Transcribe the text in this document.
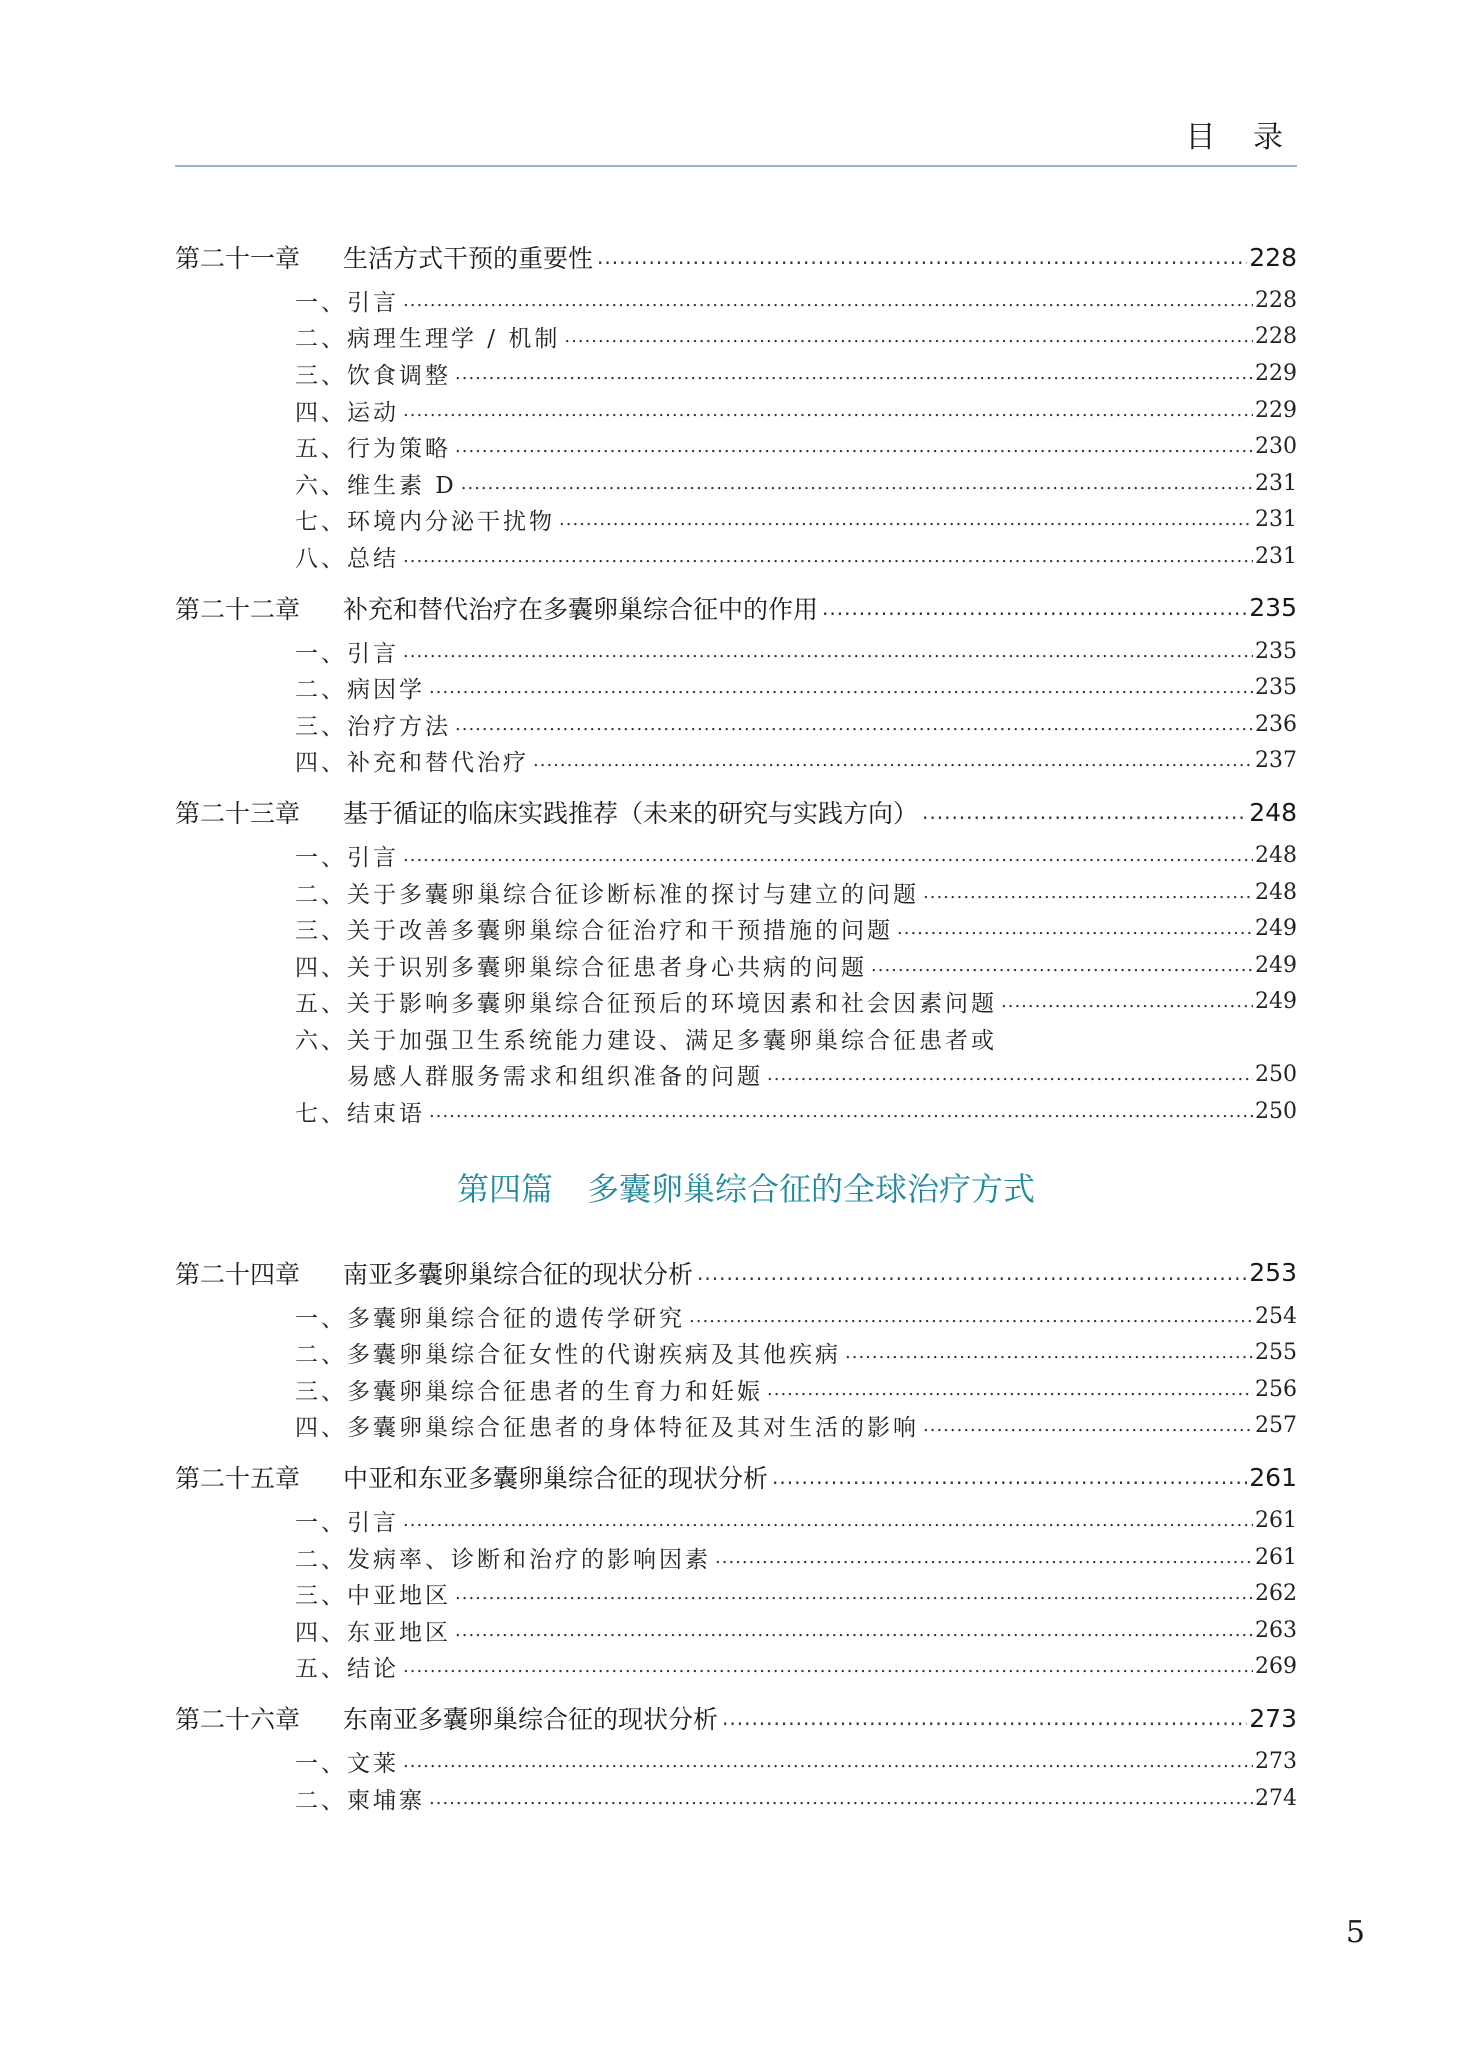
目 录
第二十一章 生活方式干预的重要性 .....	228
一、引言 .....	228
二、病理生理学 / 机制 .....	228
三、饮食调整 .....	229
四、运动 .....	229
五、行为策略 .....	230
六、维生素 D .....	231
七、环境内分泌干扰物 .....	231
八、总结 .....	231
第二十二章 补充和替代治疗在多囊卵巢综合征中的作用 .....	235
一、引言 .....	235
二、病因学 .....	235
三、治疗方法 .....	236
四、补充和替代治疗 .....	237
第二十三章 基于循证的临床实践推荐（未来的研究与实践方向） .....	248
一、引言 .....	248
二、关于多囊卵巢综合征诊断标准的探讨与建立的问题 .....	248
三、关于改善多囊卵巢综合征治疗和干预措施的问题 .....	249
四、关于识别多囊卵巢综合征患者身心共病的问题 .....	249
五、关于影响多囊卵巢综合征预后的环境因素和社会因素问题 .....	249
六、 关于加强卫生系统能力建设、满足多囊卵巢综合征患者或
易感人群服务需求和组织准备的问题 .....	250
七、结束语 .....	250
第四篇 多囊卵巢综合征的全球治疗方式
第二十四章 南亚多囊卵巢综合征的现状分析 .....	253
一、多囊卵巢综合征的遗传学研究 .....	254
二、多囊卵巢综合征女性的代谢疾病及其他疾病 .....	255
三、多囊卵巢综合征患者的生育力和妊娠 .....	256
四、多囊卵巢综合征患者的身体特征及其对生活的影响 .....	257
第二十五章 中亚和东亚多囊卵巢综合征的现状分析 .....	261
一、引言 .....	261
二、发病率、诊断和治疗的影响因素 .....	261
三、中亚地区 .....	262
四、东亚地区 .....	263
五、结论 .....	269
第二十六章 东南亚多囊卵巢综合征的现状分析 .....	273
一、文莱 .....	273
二、柬埔寨 .....	274
5
